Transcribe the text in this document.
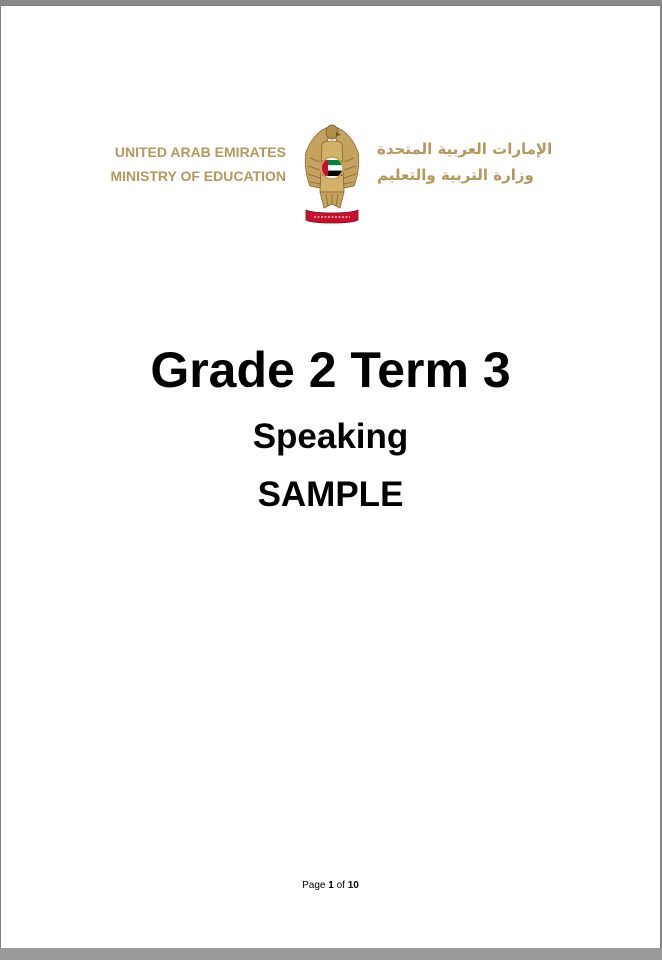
UNITED ARAB EMIRATES
MINISTRY OF EDUCATION
الإمارات العربية المتحدة
وزارة التربية والتعليم
Grade 2 Term 3
Speaking
SAMPLE
Page 1 of 10
